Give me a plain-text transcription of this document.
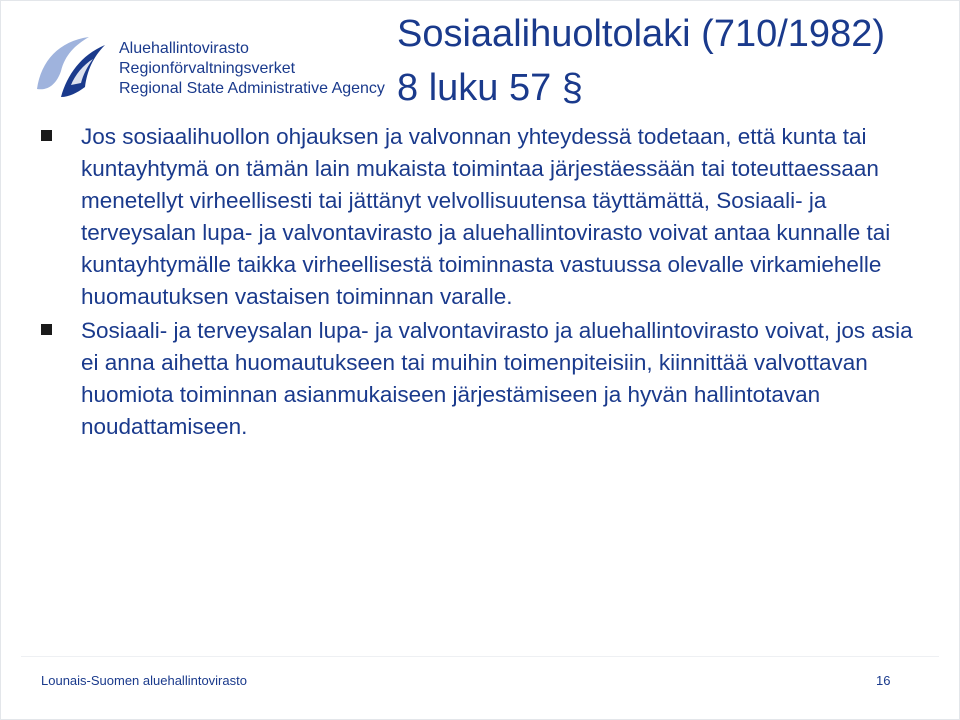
Aluehallintovirasto
Regionförvaltningsverket
Regional State Administrative Agency
Sosiaalihuoltolaki (710/1982)
8 luku 57 §
Jos sosiaalihuollon ohjauksen ja valvonnan yhteydessä todetaan, että kunta tai kuntayhtymä on tämän lain mukaista toimintaa järjestäessään tai toteuttaessaan menetellyt virheellisesti tai jättänyt velvollisuutensa täyttämättä, Sosiaali- ja terveysalan lupa- ja valvontavirasto ja aluehallintovirasto voivat antaa kunnalle tai kuntayhtymälle taikka virheellisestä toiminnasta vastuussa olevalle virkamiehelle huomautuksen vastaisen toiminnan varalle.
Sosiaali- ja terveysalan lupa- ja valvontavirasto ja aluehallintovirasto voivat, jos asia ei anna aihetta huomautukseen tai muihin toimenpiteisiin, kiinnittää valvottavan huomiota toiminnan asianmukaiseen järjestämiseen ja hyvän hallintotavan noudattamiseen.
Lounais-Suomen aluehallintovirasto	16
